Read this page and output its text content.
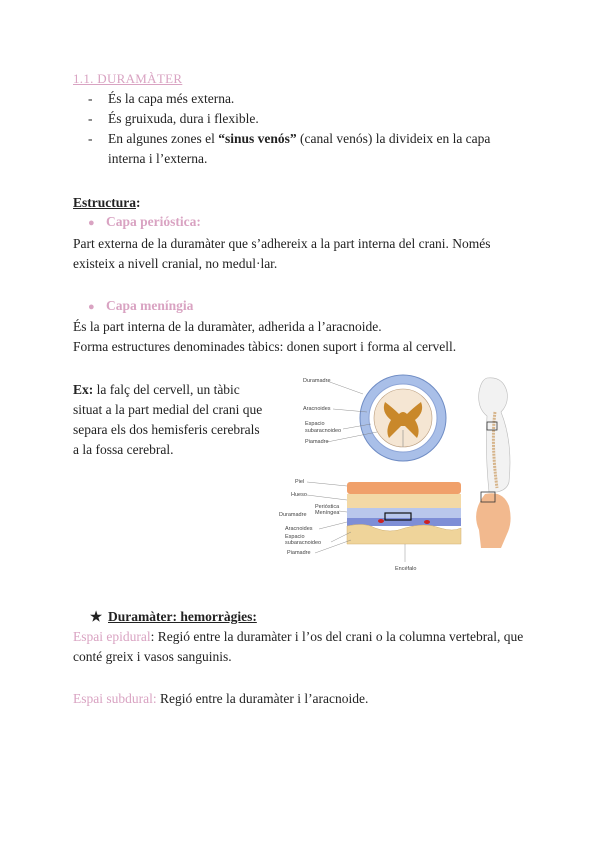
1.1. DURAMÀTER
- És la capa més externa.
- És gruixuda, dura i flexible.
- En algunes zones el “sinus venós” (canal venós) la divideix en la capa
interna i l’externa.
Estructura:
● Capa perióstica:
Part externa de la duramàter que s’adhereix a la part interna del crani. Només
existeix a nivell cranial, no medul·lar.
● Capa meníngia
És la part interna de la duramàter, adherida a l’aracnoide.
Forma estructures denominades tàbics: donen suport i forma al cervell.
Ex: la falç del cervell, un tàbic
situat a la part medial del crani que
separa els dos hemisferis cerebrals
a la fossa cerebral.
Duramadre
Aracnoides
Espacio
subaracnoideo
Piamadre
Piel
Hueso
Perióstica
Meníngea
Duramadre
Aracnoides
Espacio
subaracnoideo
Piamadre
Encéfalo
★ Duramàter: hemorràgies:
Espai epidural: Regió entre la duramàter i l’os del crani o la columna vertebral, que
conté greix i vasos sanguinis.
Espai subdural: Regió entre la duramàter i l’aracnoide.
